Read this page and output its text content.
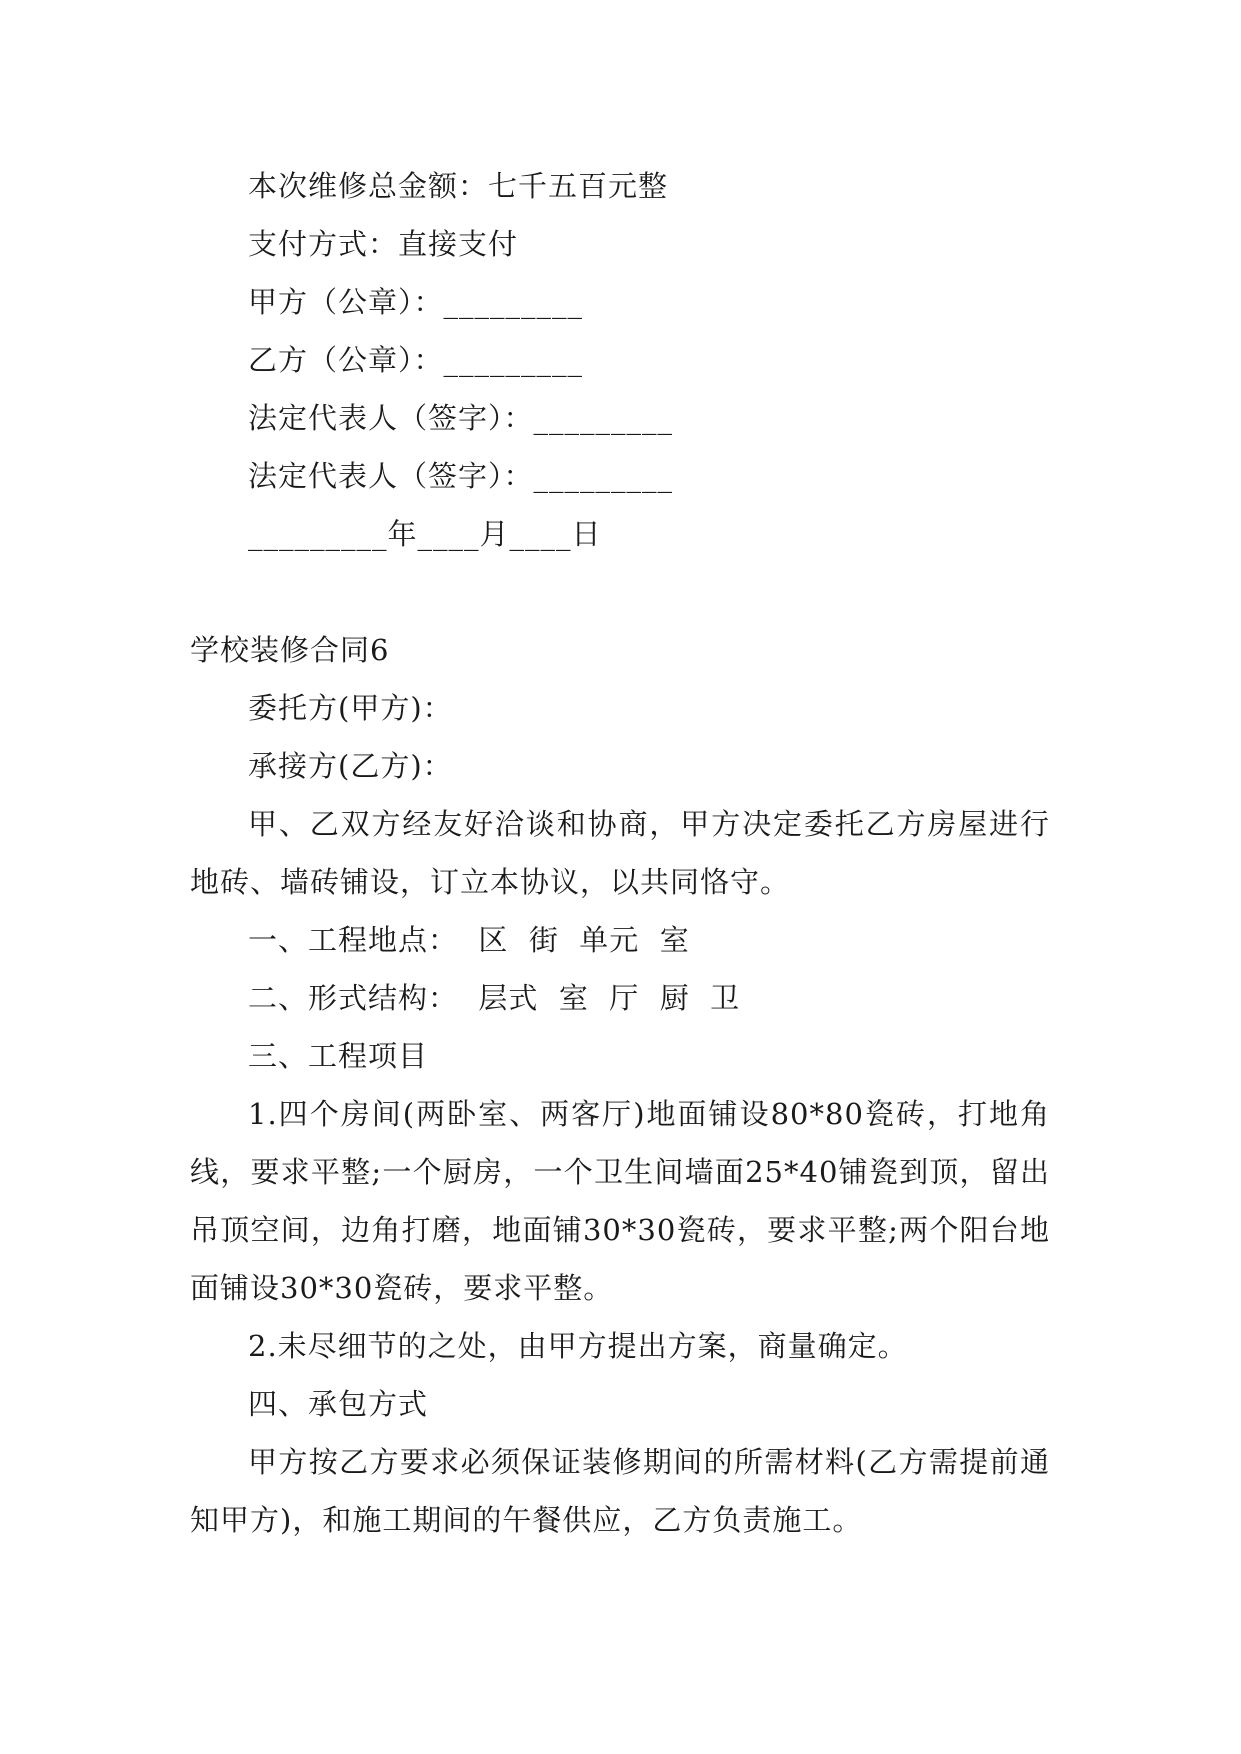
本次维修总金额：七千五百元整

支付方式：直接支付

甲方（公章）：_________

乙方（公章）：_________

法定代表人（签字）：_________

法定代表人（签字）：_________

_________年____月____日

学校装修合同6

委托方(甲方)：

承接方(乙方)：

甲、乙双方经友好洽谈和协商，甲方决定委托乙方房屋进行地砖、墙砖铺设，订立本协议，以共同恪守。

一、工程地点：  区  街  单元  室

二、形式结构：  层式  室  厅  厨  卫

三、工程项目

1.四个房间(两卧室、两客厅)地面铺设80*80瓷砖，打地角线，要求平整;一个厨房，一个卫生间墙面25*40铺瓷到顶，留出吊顶空间，边角打磨，地面铺30*30瓷砖，要求平整;两个阳台地面铺设30*30瓷砖，要求平整。

2.未尽细节的之处，由甲方提出方案，商量确定。

四、承包方式

甲方按乙方要求必须保证装修期间的所需材料(乙方需提前通知甲方)，和施工期间的午餐供应，乙方负责施工。
